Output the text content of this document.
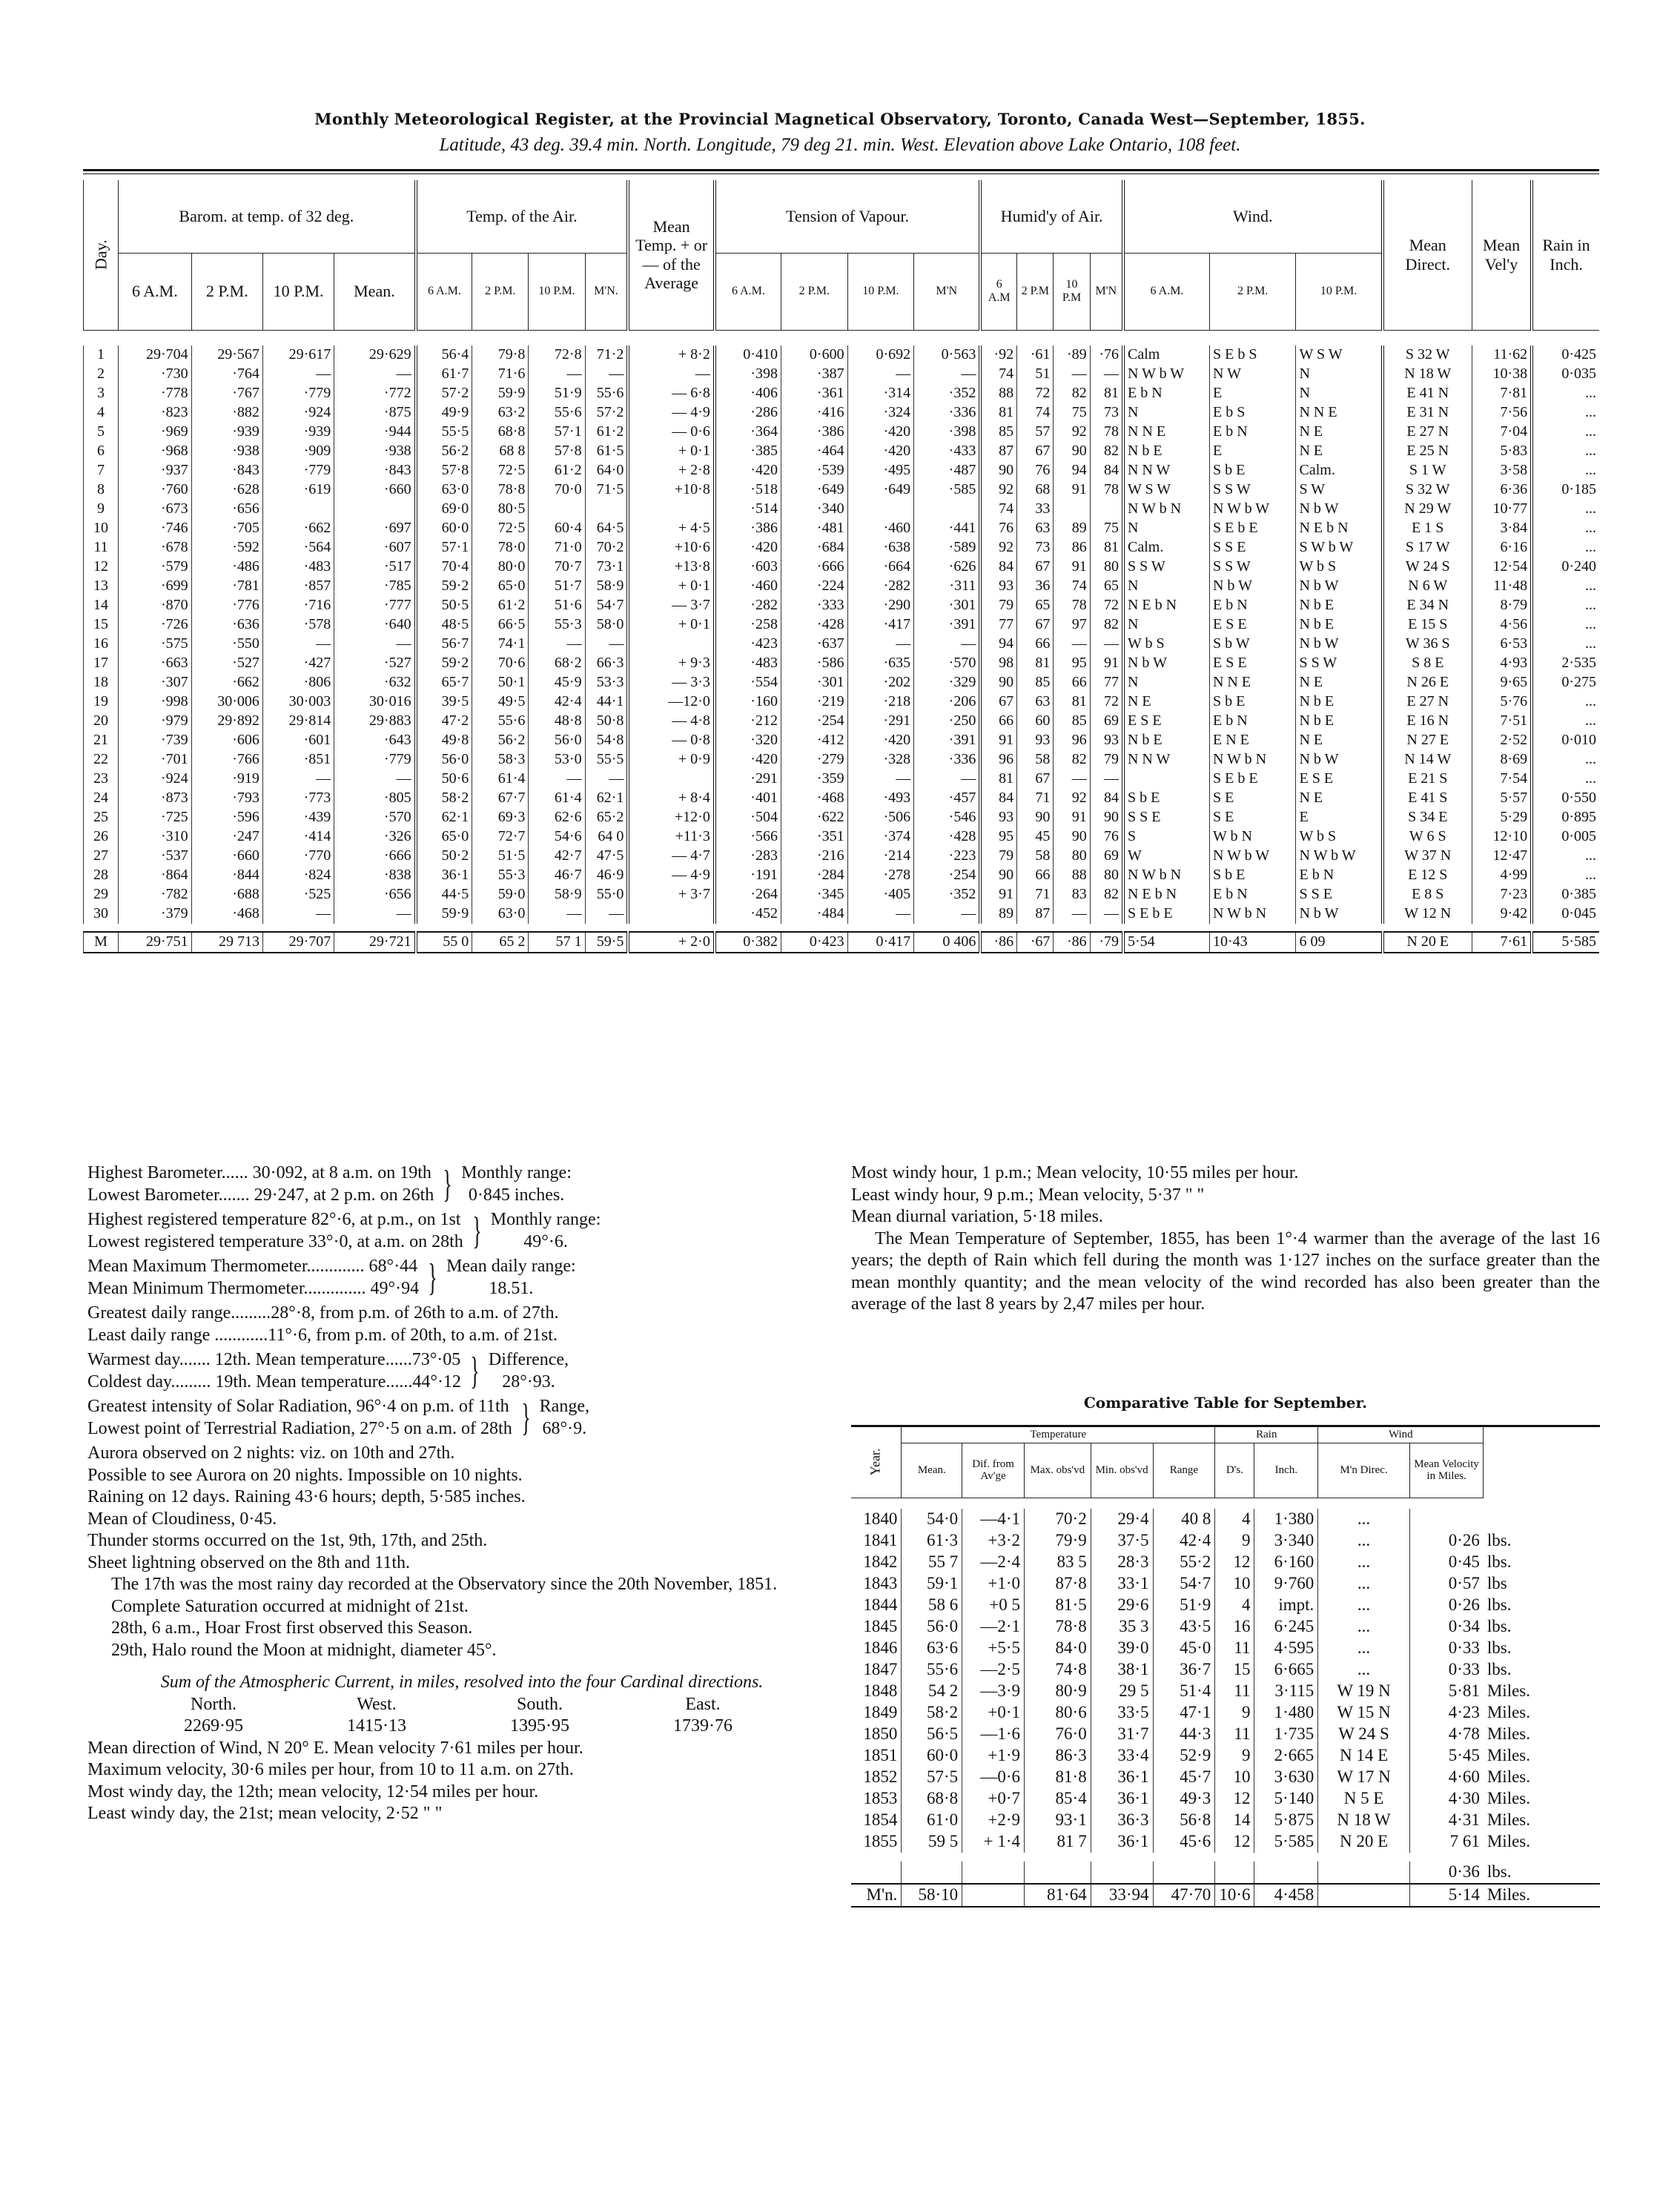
Monthly Meteorological Register, at the Provincial Magnetical Observatory, Toronto, Canada West—September, 1855.
Latitude, 43 deg. 39.4 min. North. Longitude, 79 deg 21. min. West. Elevation above Lake Ontario, 108 feet.
Day.	Barom. at temp. of 32 deg.				Temp. of the Air.				Mean Temp. + or — of the Average	Tension of Vapour.				Humid'y of Air.				Wind.			Mean Direct.	Mean Vel'y	Rain in Inch.
	6 A.M.	2 P.M.	10 P.M.	Mean.	6 A.M.	2 P.M.	10 P.M.	M'N.		6 A.M.	2 P.M.	10 P.M.	M'N	6 A.M	2 P.M	10 P.M	M'N	6 A.M.	2 P.M.	10 P.M.			

1	29·704	29·567	29·617	29·629	56·4	79·8	72·8	71·2	+ 8·2	0·410	0·600	0·692	0·563	·92	·61	·89	·76	Calm	S E b S	W S W	S 32 W	11·62	0·425
2	·730	·764	—	—	61·7	71·6	—	—	—	·398	·387	—	—	74	51	—	—	N W b W	N W	N	N 18 W	10·38	0·035
3	·778	·767	·779	·772	57·2	59·9	51·9	55·6	— 6·8	·406	·361	·314	·352	88	72	82	81	E b N	E	N	E 41 N	7·81	...
4	·823	·882	·924	·875	49·9	63·2	55·6	57·2	— 4·9	·286	·416	·324	·336	81	74	75	73	N	E b S	N N E	E 31 N	7·56	...
5	·969	·939	·939	·944	55·5	68·8	57·1	61·2	— 0·6	·364	·386	·420	·398	85	57	92	78	N N E	E b N	N E	E 27 N	7·04	...
6	·968	·938	·909	·938	56·2	68 8	57·8	61·5	+ 0·1	·385	·464	·420	·433	87	67	90	82	N b E	E	N E	E 25 N	5·83	...
7	·937	·843	·779	·843	57·8	72·5	61·2	64·0	+ 2·8	·420	·539	·495	·487	90	76	94	84	N N W	S b E	Calm.	S 1 W	3·58	...
8	·760	·628	·619	·660	63·0	78·8	70·0	71·5	+10·8	·518	·649	·649	·585	92	68	91	78	W S W	S S W	S W	S 32 W	6·36	0·185
9	·673	·656			69·0	80·5				·514	·340			74	33			N W b N	N W b W	N b W	N 29 W	10·77	...
10	·746	·705	·662	·697	60·0	72·5	60·4	64·5	+ 4·5	·386	·481	·460	·441	76	63	89	75	N	S E b E	N E b N	E 1 S	3·84	...
11	·678	·592	·564	·607	57·1	78·0	71·0	70·2	+10·6	·420	·684	·638	·589	92	73	86	81	Calm.	S S E	S W b W	S 17 W	6·16	...
12	·579	·486	·483	·517	70·4	80·0	70·7	73·1	+13·8	·603	·666	·664	·626	84	67	91	80	S S W	S S W	W b S	W 24 S	12·54	0·240
13	·699	·781	·857	·785	59·2	65·0	51·7	58·9	+ 0·1	·460	·224	·282	·311	93	36	74	65	N	N b W	N b W	N 6 W	11·48	...
14	·870	·776	·716	·777	50·5	61·2	51·6	54·7	— 3·7	·282	·333	·290	·301	79	65	78	72	N E b N	E b N	N b E	E 34 N	8·79	...
15	·726	·636	·578	·640	48·5	66·5	55·3	58·0	+ 0·1	·258	·428	·417	·391	77	67	97	82	N	E S E	N b E	E 15 S	4·56	...
16	·575	·550	—	—	56·7	74·1	—	—		·423	·637	—	—	94	66	—	—	W b S	S b W	N b W	W 36 S	6·53	...
17	·663	·527	·427	·527	59·2	70·6	68·2	66·3	+ 9·3	·483	·586	·635	·570	98	81	95	91	N b W	E S E	S S W	S 8 E	4·93	2·535
18	·307	·662	·806	·632	65·7	50·1	45·9	53·3	— 3·3	·554	·301	·202	·329	90	85	66	77	N	N N E	N E	N 26 E	9·65	0·275
19	·998	30·006	30·003	30·016	39·5	49·5	42·4	44·1	—12·0	·160	·219	·218	·206	67	63	81	72	N E	S b E	N b E	E 27 N	5·76	...
20	·979	29·892	29·814	29·883	47·2	55·6	48·8	50·8	— 4·8	·212	·254	·291	·250	66	60	85	69	E S E	E b N	N b E	E 16 N	7·51	...
21	·739	·606	·601	·643	49·8	56·2	56·0	54·8	— 0·8	·320	·412	·420	·391	91	93	96	93	N b E	E N E	N E	N 27 E	2·52	0·010
22	·701	·766	·851	·779	56·0	58·3	53·0	55·5	+ 0·9	·420	·279	·328	·336	96	58	82	79	N N W	N W b N	N b W	N 14 W	8·69	...
23	·924	·919	—	—	50·6	61·4	—	—		·291	·359	—	—	81	67	—	—		S E b E	E S E	E 21 S	7·54	...
24	·873	·793	·773	·805	58·2	67·7	61·4	62·1	+ 8·4	·401	·468	·493	·457	84	71	92	84	S b E	S E	N E	E 41 S	5·57	0·550
25	·725	·596	·439	·570	62·1	69·3	62·6	65·2	+12·0	·504	·622	·506	·546	93	90	91	90	S S E	S E	E	S 34 E	5·29	0·895
26	·310	·247	·414	·326	65·0	72·7	54·6	64 0	+11·3	·566	·351	·374	·428	95	45	90	76	S	W b N	W b S	W 6 S	12·10	0·005
27	·537	·660	·770	·666	50·2	51·5	42·7	47·5	— 4·7	·283	·216	·214	·223	79	58	80	69	W	N W b W	N W b W	W 37 N	12·47	...
28	·864	·844	·824	·838	36·1	55·3	46·7	46·9	— 4·9	·191	·284	·278	·254	90	66	88	80	N W b N	S b E	E b N	E 12 S	4·99	...
29	·782	·688	·525	·656	44·5	59·0	58·9	55·0	+ 3·7	·264	·345	·405	·352	91	71	83	82	N E b N	E b N	S S E	E 8 S	7·23	0·385
30	·379	·468	—	—	59·9	63·0	—	—		·452	·484	—	—	89	87	—	—	S E b E	N W b N	N b W	W 12 N	9·42	0·045

M	29·751	29 713	29·707	29·721	55 0	65 2	57 1	59·5	+ 2·0	0·382	0·423	0·417	0 406	·86	·67	·86	·79	5·54	10·43	6 09	N 20 E	7·61	5·585

Highest Barometer...... 30·092, at 8 a.m. on 19th

Lowest Barometer....... 29·247, at 2 p.m. on 26th } Monthly range:

0·845 inches.

Highest registered temperature 82°·6, at p.m., on 1st

Lowest registered temperature 33°·0, at a.m. on 28th } Monthly range:

49°·6.

Mean Maximum Thermometer............. 68°·44

Mean Minimum Thermometer.............. 49°·94 } Mean daily range:

18.51.

Greatest daily range.........28°·8, from p.m. of 26th to a.m. of 27th.

Least daily range ............11°·6, from p.m. of 20th, to a.m. of 21st.

Warmest day....... 12th. Mean temperature......73°·05

Coldest day......... 19th. Mean temperature......44°·12 } Difference,

28°·93.

Greatest intensity of Solar Radiation, 96°·4 on p.m. of 11th

Lowest point of Terrestrial Radiation, 27°·5 on a.m. of 28th } Range,

68°·9.

Aurora observed on 2 nights: viz. on 10th and 27th.

Possible to see Aurora on 20 nights. Impossible on 10 nights.

Raining on 12 days. Raining 43·6 hours; depth, 5·585 inches.

Mean of Cloudiness, 0·45.

Thunder storms occurred on the 1st, 9th, 17th, and 25th.

Sheet lightning observed on the 8th and 11th.

The 17th was the most rainy day recorded at the Observatory since the 20th November, 1851.

Complete Saturation occurred at midnight of 21st.

28th, 6 a.m., Hoar Frost first observed this Season.

29th, Halo round the Moon at midnight, diameter 45°.

Sum of the Atmospheric Current, in miles, resolved into the four Cardinal directions.

North.	West.	South.	East.
2269·95	1415·13	1395·95	1739·76

Mean direction of Wind, N 20° E. Mean velocity 7·61 miles per hour.

Maximum velocity, 30·6 miles per hour, from 10 to 11 a.m. on 27th.

Most windy day, the 12th; mean velocity, 12·54 miles per hour.

Least windy day, the 21st; mean velocity, 2·52 " "

Most windy hour, 1 p.m.; Mean velocity, 10·55 miles per hour.

Least windy hour, 9 p.m.; Mean velocity, 5·37 " "

Mean diurnal variation, 5·18 miles.

The Mean Temperature of September, 1855, has been 1°·4 warmer than the average of the last 16 years; the depth of Rain which fell during the month was 1·127 inches on the surface greater than the mean monthly quantity; and the mean velocity of the wind recorded has also been greater than the average of the last 8 years by 2,47 miles per hour.

Comparative Table for September.
Year.	Temperature					Rain		Wind		
	Mean.	Dif. from Av'ge	Max. obs'vd	Min. obs'vd	Range	D's.	Inch.	M'n Direc.	Mean Velocity in Miles.	

1840	54·0	—4·1	70·2	29·4	40 8	4	1·380	...		
1841	61·3	+3·2	79·9	37·5	42·4	9	3·340	...	0·26	lbs.
1842	55 7	—2·4	83 5	28·3	55·2	12	6·160	...	0·45	lbs.
1843	59·1	+1·0	87·8	33·1	54·7	10	9·760	...	0·57	lbs
1844	58 6	+0 5	81·5	29·6	51·9	4	impt.	...	0·26	lbs.
1845	56·0	—2·1	78·8	35 3	43·5	16	6·245	...	0·34	lbs.
1846	63·6	+5·5	84·0	39·0	45·0	11	4·595	...	0·33	lbs.
1847	55·6	—2·5	74·8	38·1	36·7	15	6·665	...	0·33	lbs.
1848	54 2	—3·9	80·9	29 5	51·4	11	3·115	W 19 N	5·81	Miles.
1849	58·2	+0·1	80·6	33·5	47·1	9	1·480	W 15 N	4·23	Miles.
1850	56·5	—1·6	76·0	31·7	44·3	11	1·735	W 24 S	4·78	Miles.
1851	60·0	+1·9	86·3	33·4	52·9	9	2·665	N 14 E	5·45	Miles.
1852	57·5	—0·6	81·8	36·1	45·7	10	3·630	W 17 N	4·60	Miles.
1853	68·8	+0·7	85·4	36·1	49·3	12	5·140	N 5 E	4·30	Miles.
1854	61·0	+2·9	93·1	36·3	56·8	14	5·875	N 18 W	4·31	Miles.
1855	59 5	+ 1·4	81 7	36·1	45·6	12	5·585	N 20 E	7 61	Miles.

									0·36	lbs.
M'n.	58·10		81·64	33·94	47·70	10·6	4·458		5·14	Miles.
